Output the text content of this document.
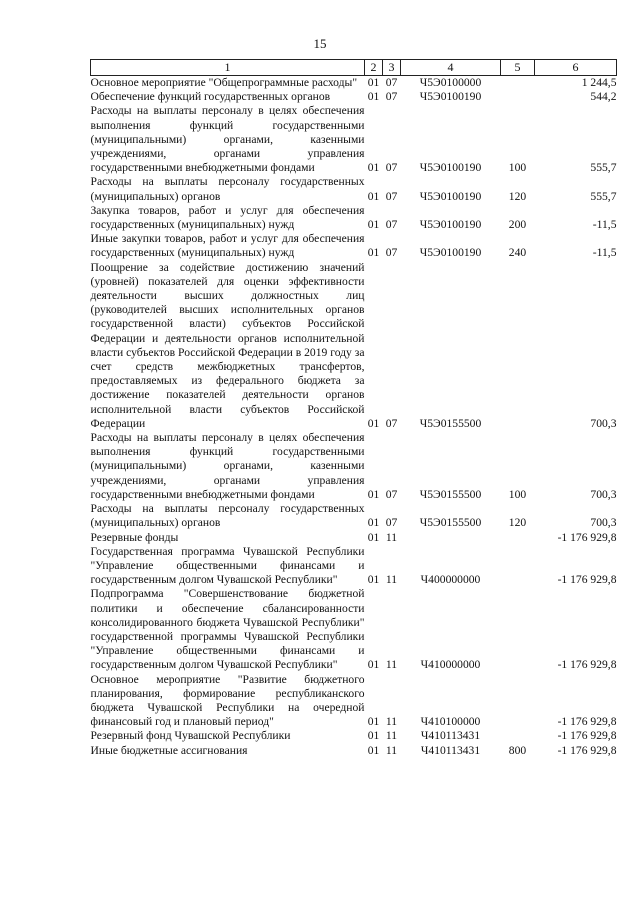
15
1	2	3	4	5	6
Основное мероприятие "Общепрограммные расходы"	01	07	Ч5Э0100000		1 244,5
Обеспечение функций государственных органов	01	07	Ч5Э0100190		544,2
Расходы на выплаты персоналу в целях обеспечения выполнения функций государственными (муниципальными) органами, казенными учреждениями, органами управления государственными внебюджетными фондами	01	07	Ч5Э0100190	100	555,7
Расходы на выплаты персоналу государственных (муниципальных) органов	01	07	Ч5Э0100190	120	555,7
Закупка товаров, работ и услуг для обеспечения государственных (муниципальных) нужд	01	07	Ч5Э0100190	200	-11,5
Иные закупки товаров, работ и услуг для обеспечения государственных (муниципальных) нужд	01	07	Ч5Э0100190	240	-11,5
Поощрение за содействие достижению значений (уровней) показателей для оценки эффективности деятельности высших должностных лиц (руководителей высших исполнительных органов государственной власти) субъектов Российской Федерации и деятельности органов исполнительной власти субъектов Российской Федерации в 2019 году за счет средств межбюджетных трансфертов, предоставляемых из федерального бюджета за достижение показателей деятельности органов исполнительной власти субъектов Российской Федерации	01	07	Ч5Э0155500		700,3
Расходы на выплаты персоналу в целях обеспечения выполнения функций государственными (муниципальными) органами, казенными учреждениями, органами управления государственными внебюджетными фондами	01	07	Ч5Э0155500	100	700,3
Расходы на выплаты персоналу государственных (муниципальных) органов	01	07	Ч5Э0155500	120	700,3
Резервные фонды	01	11			-1 176 929,8
Государственная программа Чувашской Республики "Управление общественными финансами и государственным долгом Чувашской Республики"	01	11	Ч400000000		-1 176 929,8
Подпрограмма "Совершенствование бюджетной политики и обеспечение сбалансированности консолидированного бюджета Чувашской Республики" государственной программы Чувашской Республики "Управление общественными финансами и государственным долгом Чувашской Республики"	01	11	Ч410000000		-1 176 929,8
Основное мероприятие "Развитие бюджетного планирования, формирование республиканского бюджета Чувашской Республики на очередной финансовый год и плановый период"	01	11	Ч410100000		-1 176 929,8
Резервный фонд Чувашской Республики	01	11	Ч410113431		-1 176 929,8
Иные бюджетные ассигнования	01	11	Ч410113431	800	-1 176 929,8
